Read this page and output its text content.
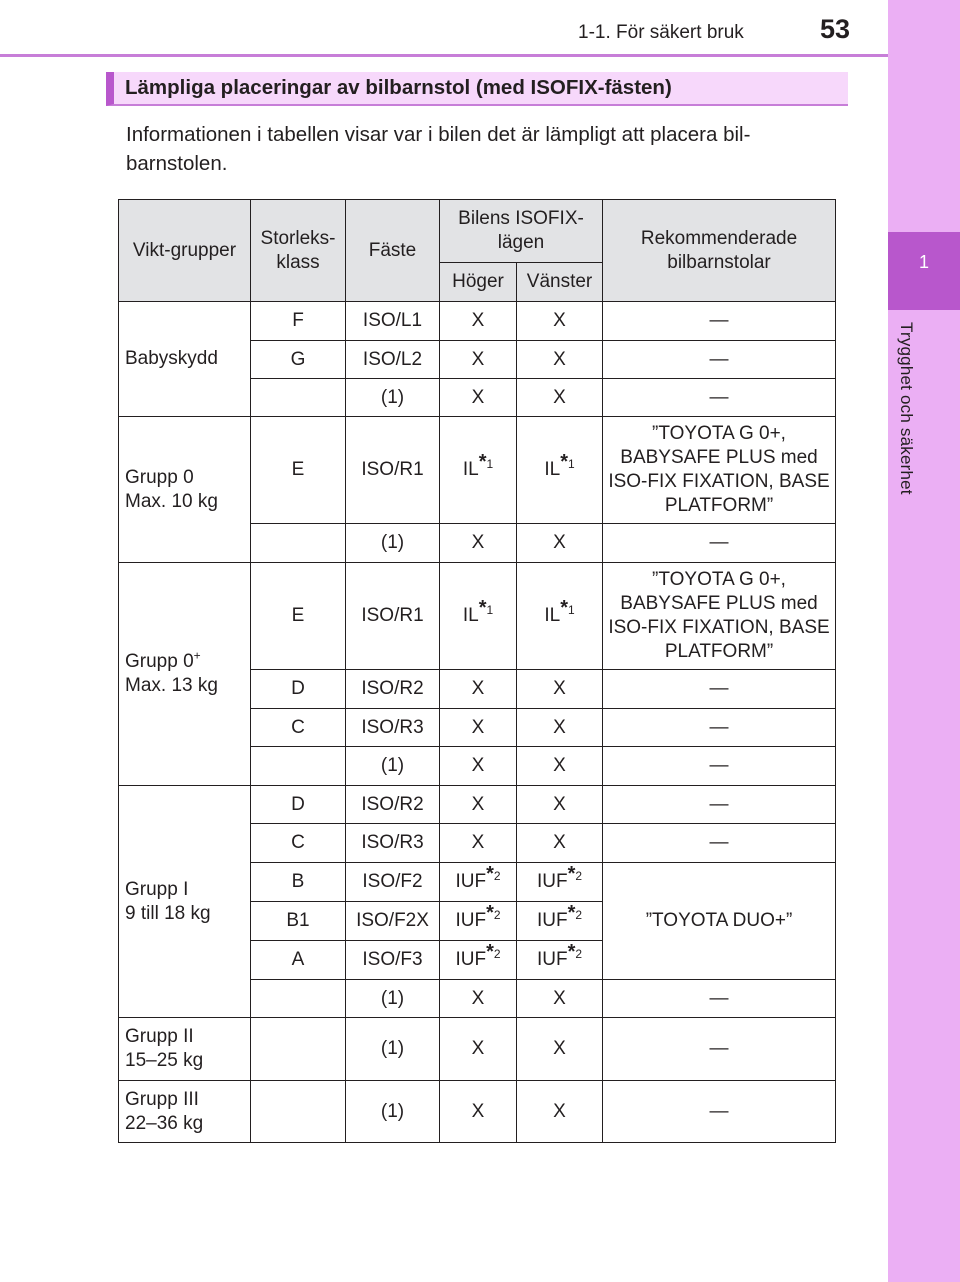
1-1. För säkert bruk	53
1
Trygghet och säkerhet
Lämpliga placeringar av bilbarnstol (med ISOFIX-fästen)
Informationen i tabellen visar var i bilen det är lämpligt att placera bil-barnstolen.
Vikt-grupper	Storleks-klass	Fäste	Bilens ISOFIX-lägen		Rekommenderade bilbarnstolar
			Höger	Vänster	
Babyskydd	F	ISO/L1	X	X	—
	G	ISO/L2	X	X	—
		(1)	X	X	—
Grupp 0
Max. 10 kg	E	ISO/R1	IL$^{*1}$	IL$^{*1}$	”TOYOTA G 0+, BABYSAFE PLUS med ISO-FIX FIXATION, BASE PLATFORM”
		(1)	X	X	—
Grupp 0+
Max. 13 kg	E	ISO/R1	IL$^{*1}$	IL$^{*1}$	”TOYOTA G 0+, BABYSAFE PLUS med ISO-FIX FIXATION, BASE PLATFORM”
	D	ISO/R2	X	X	—
	C	ISO/R3	X	X	—
		(1)	X	X	—
Grupp I
9 till 18 kg	D	ISO/R2	X	X	—
	C	ISO/R3	X	X	—
	B	ISO/F2	IUF$^{*2}$	IUF$^{*2}$	”TOYOTA DUO+”
	B1	ISO/F2X	IUF$^{*2}$	IUF$^{*2}$
	A	ISO/F3	IUF$^{*2}$	IUF$^{*2}$
		(1)	X	X	—
Grupp II
15–25 kg		(1)	X	X	—
Grupp III
22–36 kg		(1)	X	X	—
